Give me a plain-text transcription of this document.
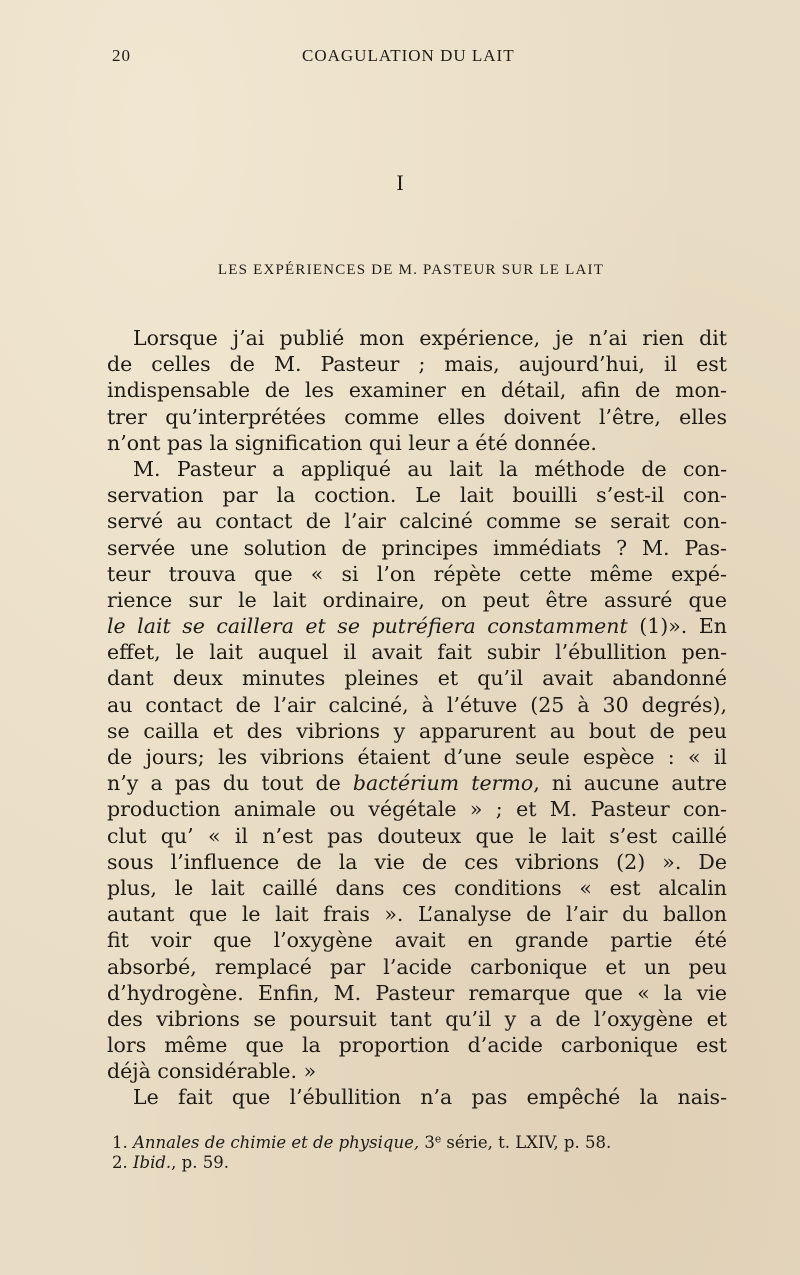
20	COAGULATION DU LAIT
I
LES EXPÉRIENCES DE M. PASTEUR SUR LE LAIT
Lorsque j’ai publié mon expérience, je n’ai rien dit
de celles de M. Pasteur ; mais, aujourd’hui, il est
indispensable de les examiner en détail, afin de mon-
trer qu’interprétées comme elles doivent l’être, elles
n’ont pas la signification qui leur a été donnée.
M. Pasteur a appliqué au lait la méthode de con-
servation par la coction. Le lait bouilli s’est-il con-
servé au contact de l’air calciné comme se serait con-
servée une solution de principes immédiats ? M. Pas-
teur trouva que « si l’on répète cette même expé-
rience sur le lait ordinaire, on peut être assuré que
le lait se caillera et se putréfiera constamment (1)». En
effet, le lait auquel il avait fait subir l’ébullition pen-
dant deux minutes pleines et qu’il avait abandonné
au contact de l’air calciné, à l’étuve (25 à 30 degrés),
se cailla et des vibrions y apparurent au bout de peu
de jours; les vibrions étaient d’une seule espèce : « il
n’y a pas du tout de bactérium termo, ni aucune autre
production animale ou végétale » ; et M. Pasteur con-
clut qu’ « il n’est pas douteux que le lait s’est caillé
sous l’influence de la vie de ces vibrions (2) ». De
plus, le lait caillé dans ces conditions « est alcalin
autant que le lait frais ». L’analyse de l’air du ballon
fit voir que l’oxygène avait en grande partie été
absorbé, remplacé par l’acide carbonique et un peu
d’hydrogène. Enfin, M. Pasteur remarque que « la vie
des vibrions se poursuit tant qu’il y a de l’oxygène et
lors même que la proportion d’acide carbonique est
déjà considérable. »
Le fait que l’ébullition n’a pas empêché la nais-
1. Annales de chimie et de physique, 3e série, t. LXIV, p. 58.
2. Ibid., p. 59.
